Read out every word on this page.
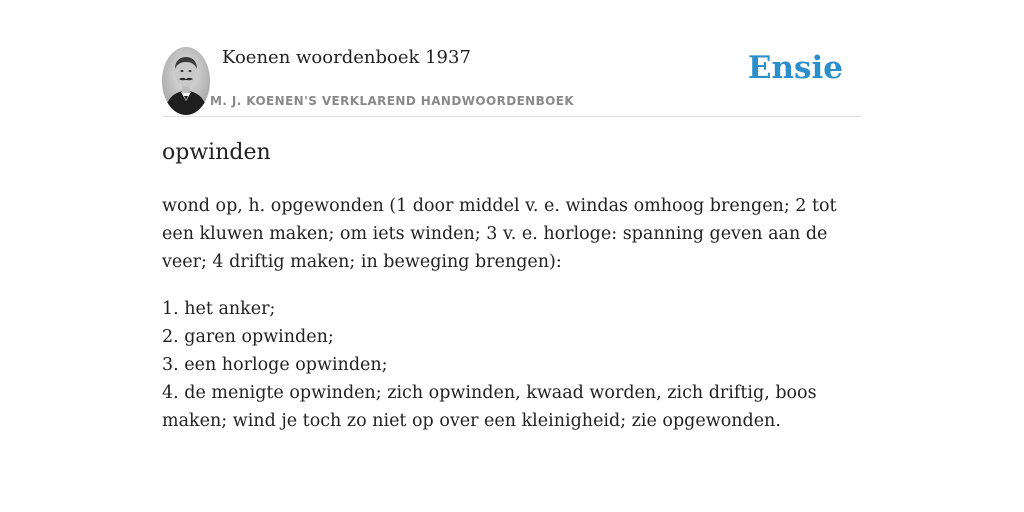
Koenen woordenboek 1937
M. J. KOENEN'S VERKLAREND HANDWOORDENBOEK
Ensie
opwinden

wond op, h. opgewonden (1 door middel v. e. windas omhoog brengen; 2 tot een kluwen maken; om iets winden; 3 v. e. horloge: spanning geven aan de veer; 4 driftig maken; in beweging brengen):

1. het anker;
2. garen opwinden;
3. een horloge opwinden;
4. de menigte opwinden; zich opwinden, kwaad worden, zich driftig, boos maken; wind je toch zo niet op over een kleinigheid; zie opgewonden.
